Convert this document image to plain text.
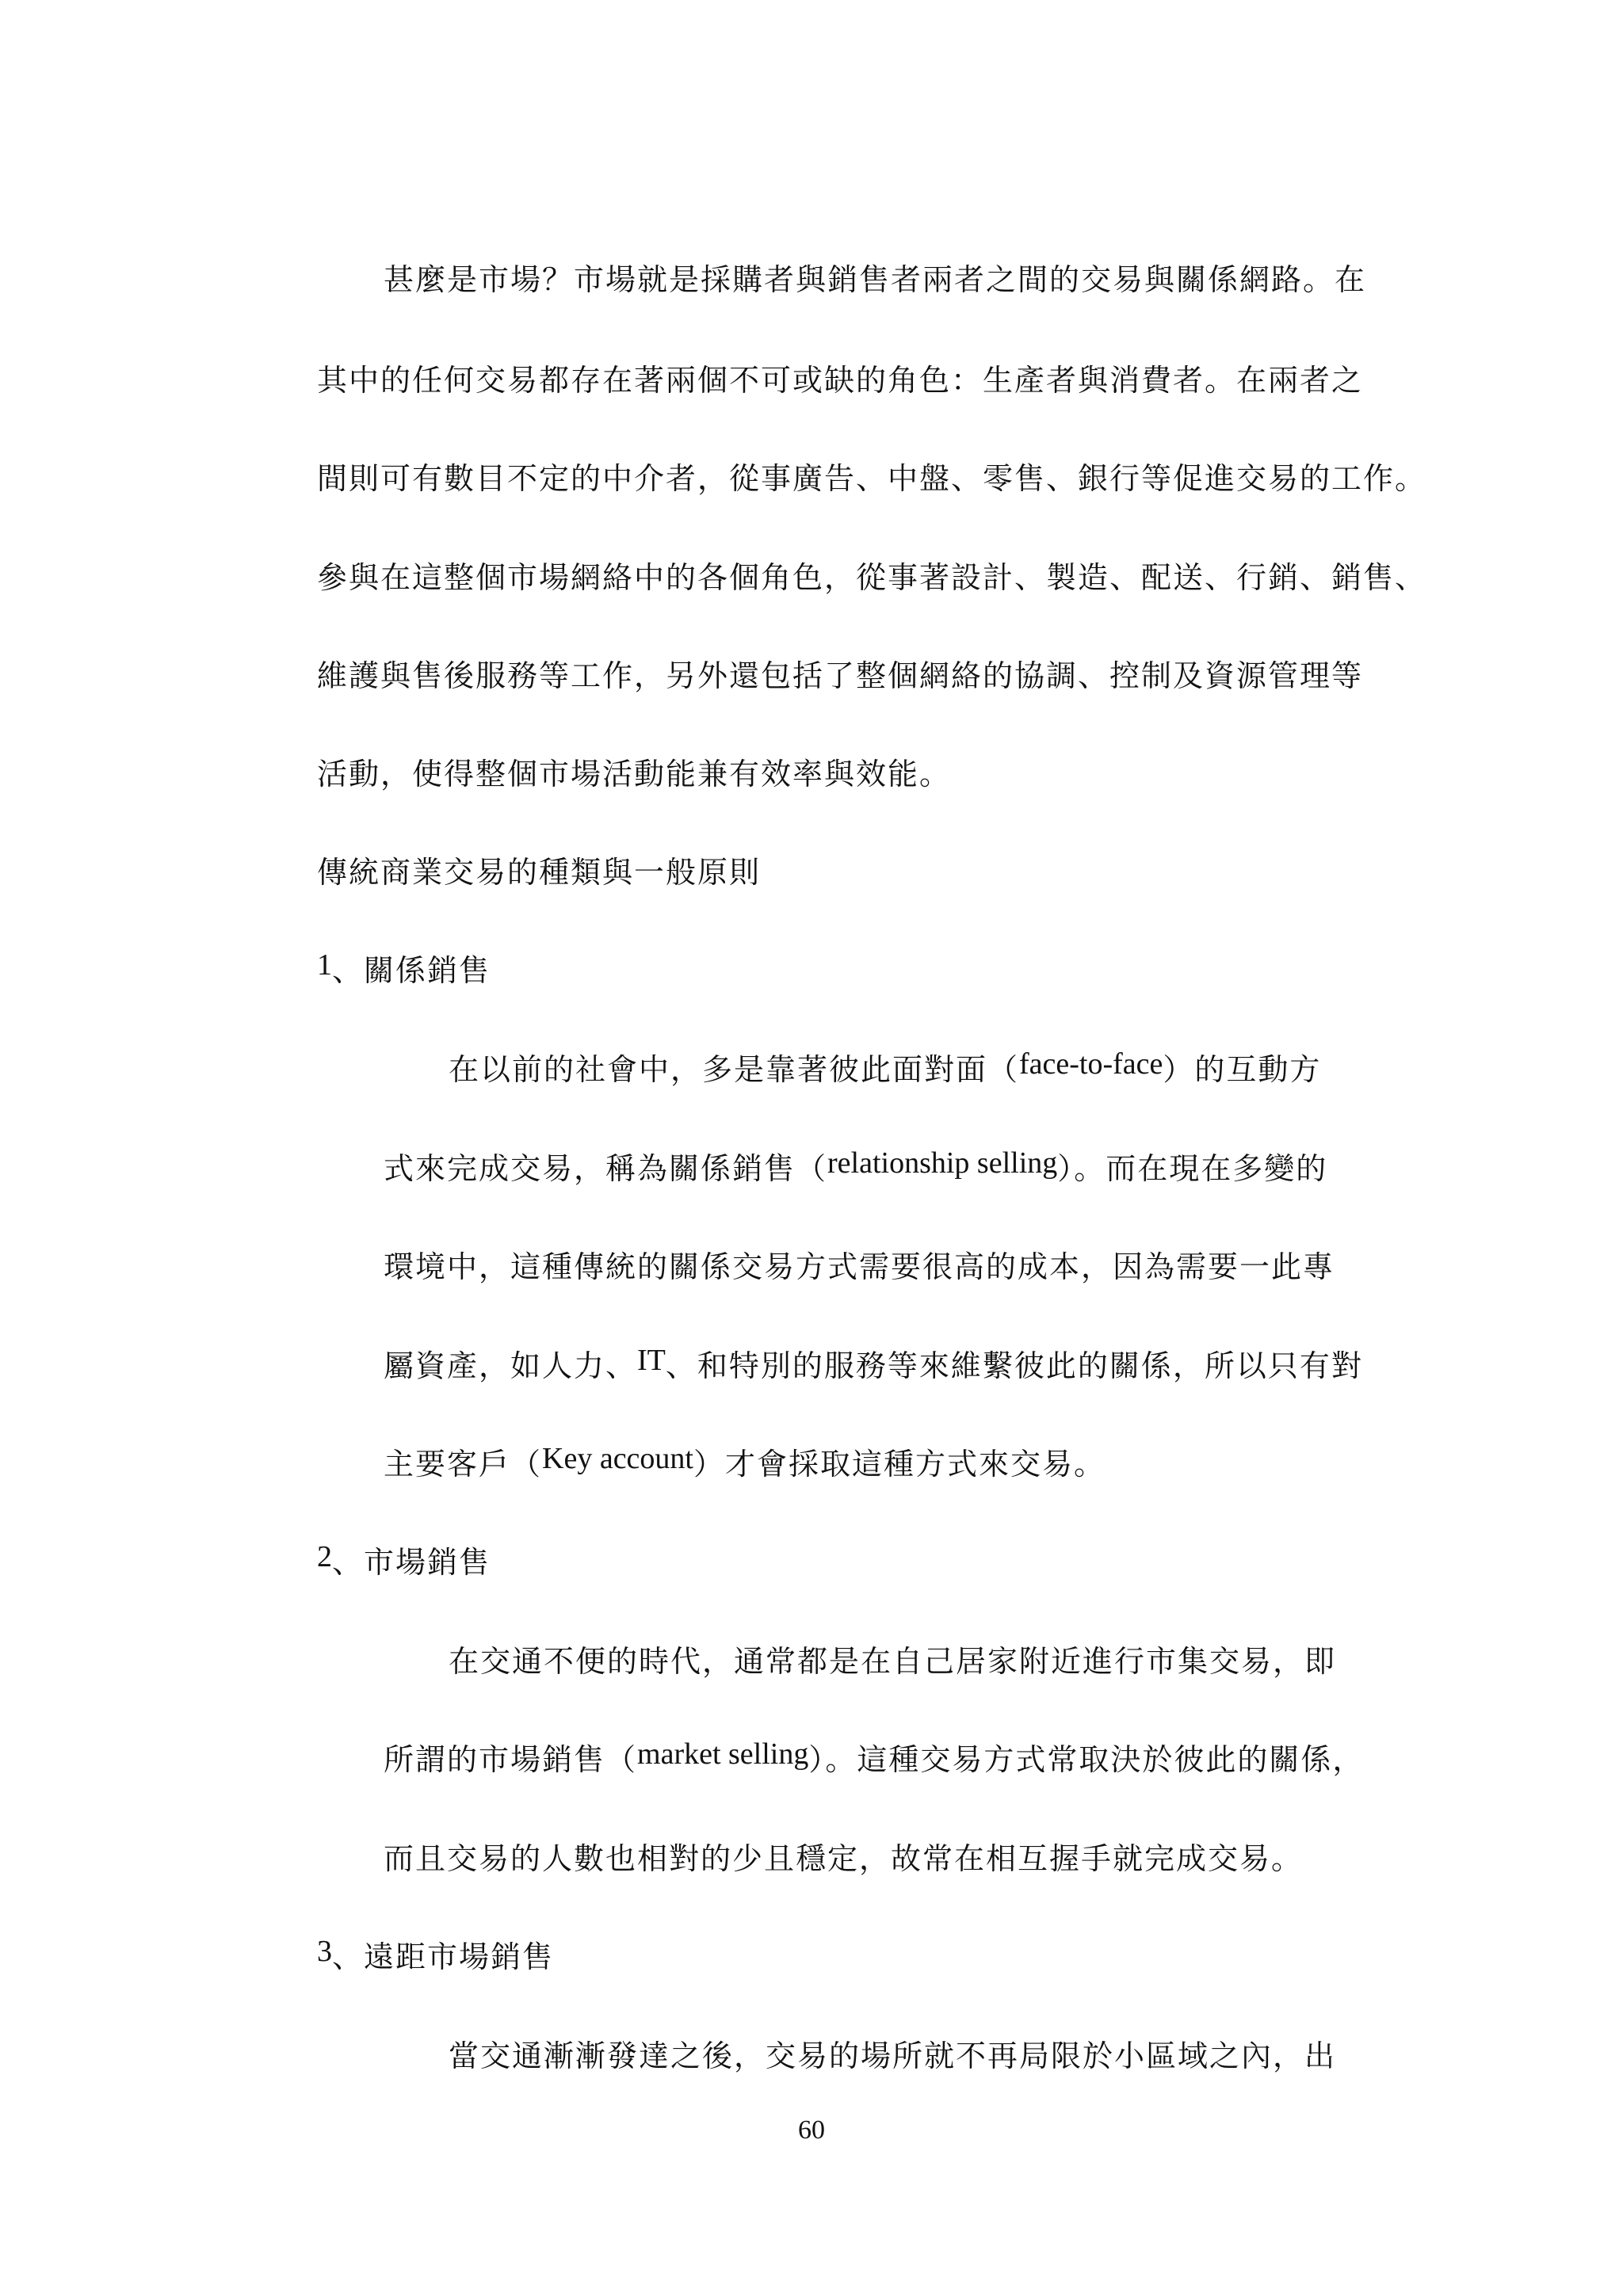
甚麼是市場？市場就是採購者與銷售者兩者之間的交易與關係網路。在
其中的任何交易都存在著兩個不可或缺的角色：生產者與消費者。在兩者之
間則可有數目不定的中介者，從事廣告、中盤、零售、銀行等促進交易的工作。
參與在這整個市場網絡中的各個角色，從事著設計、製造、配送、行銷、銷售、
維護與售後服務等工作，另外還包括了整個網絡的協調、控制及資源管理等
活動，使得整個市場活動能兼有效率與效能。
傳統商業交易的種類與一般原則
1、關係銷售
在以前的社會中，多是靠著彼此面對面（face-to-face）的互動方
式來完成交易，稱為關係銷售（relationship selling）。而在現在多變的
環境中，這種傳統的關係交易方式需要很高的成本，因為需要一此專
屬資產，如人力、IT、和特別的服務等來維繫彼此的關係，所以只有對
主要客戶（Key account）才會採取這種方式來交易。
2、市場銷售
在交通不便的時代，通常都是在自己居家附近進行市集交易，即
所謂的市場銷售（market selling）。這種交易方式常取決於彼此的關係，
而且交易的人數也相對的少且穩定，故常在相互握手就完成交易。
3、遠距市場銷售
當交通漸漸發達之後，交易的場所就不再局限於小區域之內，出
60
